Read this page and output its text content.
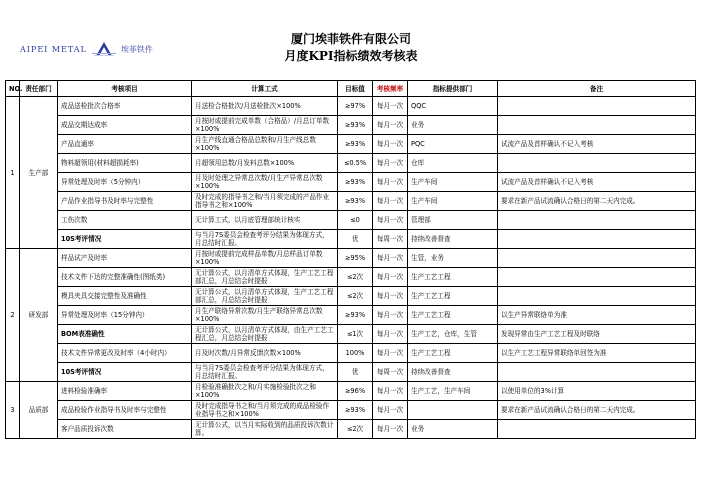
AIPEI METAL	埃菲铁件
厦门埃菲铁件有限公司
月度KPI指标绩效考核表
NO.	责任部门	考核项目	计算工式	目标值	考核频率	指标提供部门	备注
1	生产部	成品送检批次合格率	月送检合格批次/月送检批次×100%	≥97%	每月一次	QQC	
		成品交期达成率	月按时或提前完成单数（合格品）/月总订单数×100%	≥93%	每月一次	业务	
		产品直通率	月生产线直通合格品总数和/月生产线总数×100%	≥93%	每月一次	PQC	试流产品及首样确认不记入考核
		物料超领用(材料超损耗率)	月超领用总数/月发料总数×100%	≤0.5%	每月一次	仓库	
		异常处理及时率（5分钟内）	月及时处理之异常总次数/月生产异常总次数×100%	≥93%	每月一次	生产车间	试流产品及首样确认不记入考核
		产品作业指导书及时率与完整性	及时完成的指导书之和/当月须完成的产品作业指导书之和×100%	≥93%	每月一次	生产车间	要求在新产品试流确认合格日的第二天内完成。
		工伤次数	无计算工式，以月底管理部统计核实	≤0	每月一次	管理部	
		10S考评情况	与当月7S委员会检查考评分结果为体现方式，月总结时汇报。	优	每周一次	持续改善督查	
2	研发部	样品试产及时率	月按时或提前完成样品单数/月总样品订单数×100%	≥95%	每月一次	生管，业务	
		技术文件下达的完整准确性(图纸类)	无计算公式，以月清单方式体现，生产工艺工程部汇总，月总结会时提报	≤2次	每月一次	生产工艺工程	
		模具夹具交接完整性及准确性	无计算公式，以月清单方式体现，生产工艺工程部汇总，月总结会时提报	≤2次	每月一次	生产工艺工程	
		异常处理及时率（15分钟内）	月生产联络异常次数/月生产联络异常总次数×100%	≥93%	每月一次	生产工艺工程	以生产异常联络单为准
		BOM表准确性	无计算公式，以月清单方式体现，由生产工艺工程汇总，月总结会时提报	≤1次	每月一次	生产工艺，仓库，生管	发现异常由生产工艺工程及时联络
		技术文件异常更改及时率（4小时内）	月及时次数/月异常反馈次数×100%	100%	每月一次	生产工艺工程	以生产工艺工程异常联络单回签为准
		10S考评情况	与当月7S委员会检查考评分结果为体现方式，月总结时汇报。	优	每周一次	持续改善督查	
3	品质部	进料检验准确率	月检验准确批次之和/月实施检验批次之和×100%	≥96%	每月一次	生产工艺，生产车间	以使用单位的3%计算
		成品检验作业指导书及时率与完整性	及时完成指导书之和/当月须完成的成品检验作业指导书之和×100%	≥93%	每月一次		要求在新产品试流确认合格日的第二天内完成。
		客户品质投诉次数	无计算公式，以当月实际收到的品质投诉次数计算。	≤2次	每月一次	业务	
